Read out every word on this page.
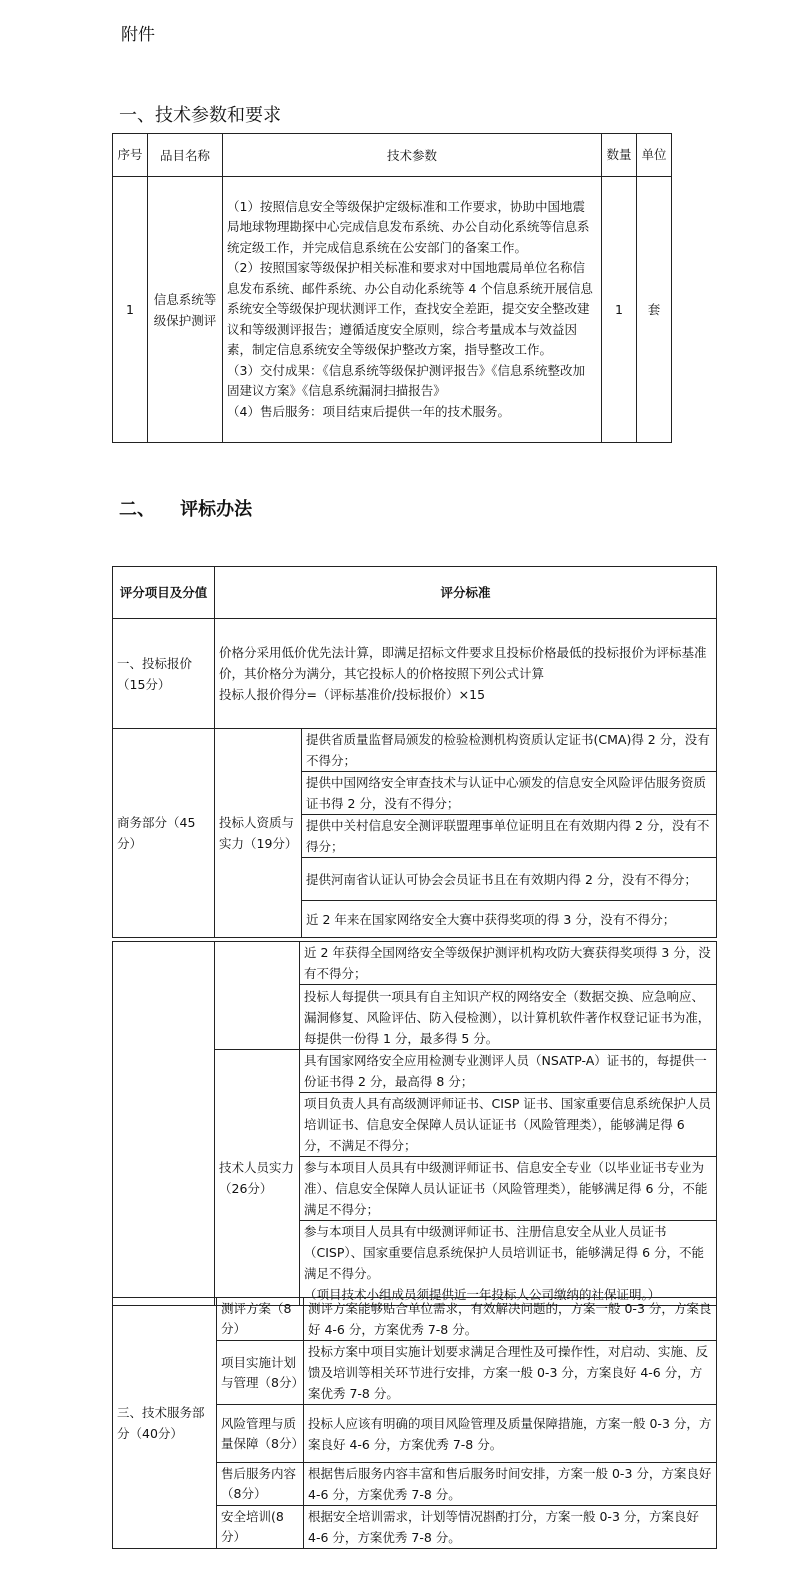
附件
一、技术参数和要求
序号	品目名称	技术参数	数量	单位
1	信息系统等级保护测评	（1）按照信息安全等级保护定级标准和工作要求，协助中国地震局地球物理勘探中心完成信息发布系统、办公自动化系统等信息系统定级工作，并完成信息系统在公安部门的备案工作。
（2）按照国家等级保护相关标准和要求对中国地震局单位名称信息发布系统、邮件系统、办公自动化系统等 4 个信息系统开展信息系统安全等级保护现状测评工作，查找安全差距，提交安全整改建议和等级测评报告；遵循适度安全原则，综合考量成本与效益因素，制定信息系统安全等级保护整改方案，指导整改工作。
（3）交付成果：《信息系统等级保护测评报告》《信息系统整改加固建议方案》《信息系统漏洞扫描报告》
（4）售后服务：项目结束后提供一年的技术服务。	1	套
二、    评标办法
评分项目及分值	评分标准	
一、投标报价（15分）	价格分采用低价优先法计算，即满足招标文件要求且投标价格最低的投标报价为评标基准价，其价格分为满分，其它投标人的价格按照下列公式计算
投标人报价得分=（评标基准价/投标报价）×15	

商务部分（45分）	投标人资质与实力（19分）	提供省质量监督局颁发的检验检测机构资质认定证书(CMA)得 2 分，没有不得分；
		提供中国网络安全审查技术与认证中心颁发的信息安全风险评估服务资质证书得 2 分，没有不得分；
		提供中关村信息安全测评联盟理事单位证明且在有效期内得 2 分，没有不得分；
		提供河南省认证认可协会会员证书且在有效期内得 2 分，没有不得分；
		近 2 年来在国家网络安全大赛中获得奖项的得 3 分，没有不得分；
		近 2 年获得全国网络安全等级保护测评机构攻防大赛获得奖项得 3 分，没有不得分；
		投标人每提供一项具有自主知识产权的网络安全（数据交换、应急响应、漏洞修复、风险评估、防入侵检测），以计算机软件著作权登记证书为准，每提供一份得 1 分，最多得 5 分。
	技术人员实力（26分）	具有国家网络安全应用检测专业测评人员（NSATP-A）证书的，每提供一份证书得 2 分，最高得 8 分；
		项目负责人具有高级测评师证书、CISP 证书、国家重要信息系统保护人员培训证书、信息安全保障人员认证证书（风险管理类），能够满足得 6 分，不满足不得分；
		参与本项目人员具有中级测评师证书、信息安全专业（以毕业证书专业为准）、信息安全保障人员认证证书（风险管理类），能够满足得 6 分，不能满足不得分；

		参与本项目人员具有中级测评师证书、注册信息安全从业人员证书（CISP）、国家重要信息系统保护人员培训证书，能够满足得 6 分，不能满足不得分。
（项目技术小组成员须提供近一年投标人公司缴纳的社保证明。）
三、技术服务部分（40分）	测评方案（8分）	测评方案能够贴合单位需求，有效解决问题的，方案一般 0-3 分，方案良好 4-6 分，方案优秀 7-8 分。
	项目实施计划与管理（8分）	投标方案中项目实施计划要求满足合理性及可操作性，对启动、实施、反馈及培训等相关环节进行安排，方案一般 0-3 分，方案良好 4-6 分，方案优秀 7-8 分。
	风险管理与质量保障（8分）	投标人应该有明确的项目风险管理及质量保障措施，方案一般 0-3 分，方案良好 4-6 分，方案优秀 7-8 分。
	售后服务内容（8分）	根据售后服务内容丰富和售后服务时间安排，方案一般 0-3 分，方案良好 4-6 分，方案优秀 7-8 分。
	安全培训(8分）	根据安全培训需求，计划等情况斟酌打分，方案一般 0-3 分，方案良好 4-6 分，方案优秀 7-8 分。
